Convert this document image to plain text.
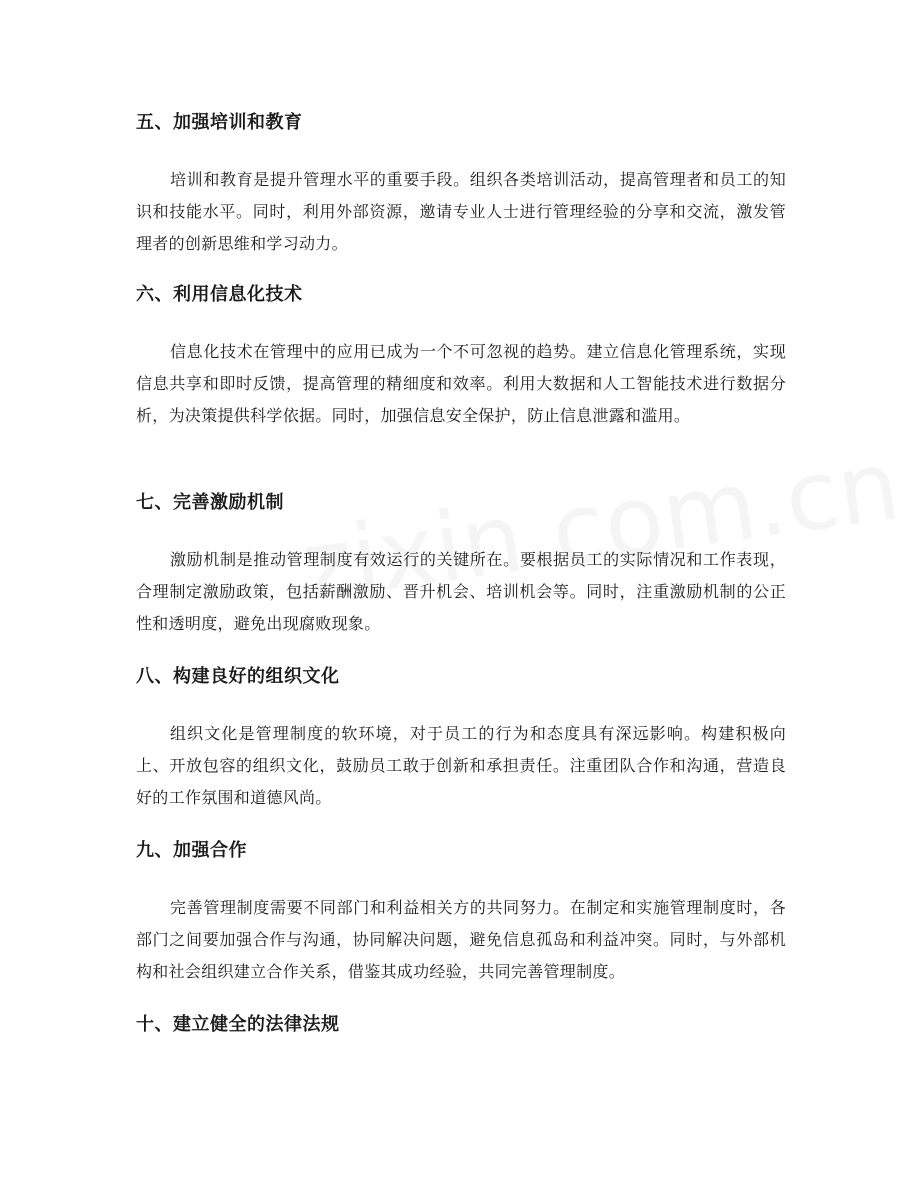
五、加强培训和教育

培训和教育是提升管理水平的重要手段。组织各类培训活动，提高管理者和员工的知识和技能水平。同时，利用外部资源，邀请专业人士进行管理经验的分享和交流，激发管理者的创新思维和学习动力。

六、利用信息化技术

信息化技术在管理中的应用已成为一个不可忽视的趋势。建立信息化管理系统，实现信息共享和即时反馈，提高管理的精细度和效率。利用大数据和人工智能技术进行数据分析，为决策提供科学依据。同时，加强信息安全保护，防止信息泄露和滥用。

七、完善激励机制

激励机制是推动管理制度有效运行的关键所在。要根据员工的实际情况和工作表现，合理制定激励政策，包括薪酬激励、晋升机会、培训机会等。同时，注重激励机制的公正性和透明度，避免出现腐败现象。

八、构建良好的组织文化

组织文化是管理制度的软环境，对于员工的行为和态度具有深远影响。构建积极向上、开放包容的组织文化，鼓励员工敢于创新和承担责任。注重团队合作和沟通，营造良好的工作氛围和道德风尚。

九、加强合作

完善管理制度需要不同部门和利益相关方的共同努力。在制定和实施管理制度时，各部门之间要加强合作与沟通，协同解决问题，避免信息孤岛和利益冲突。同时，与外部机构和社会组织建立合作关系，借鉴其成功经验，共同完善管理制度。

十、建立健全的法律法规
